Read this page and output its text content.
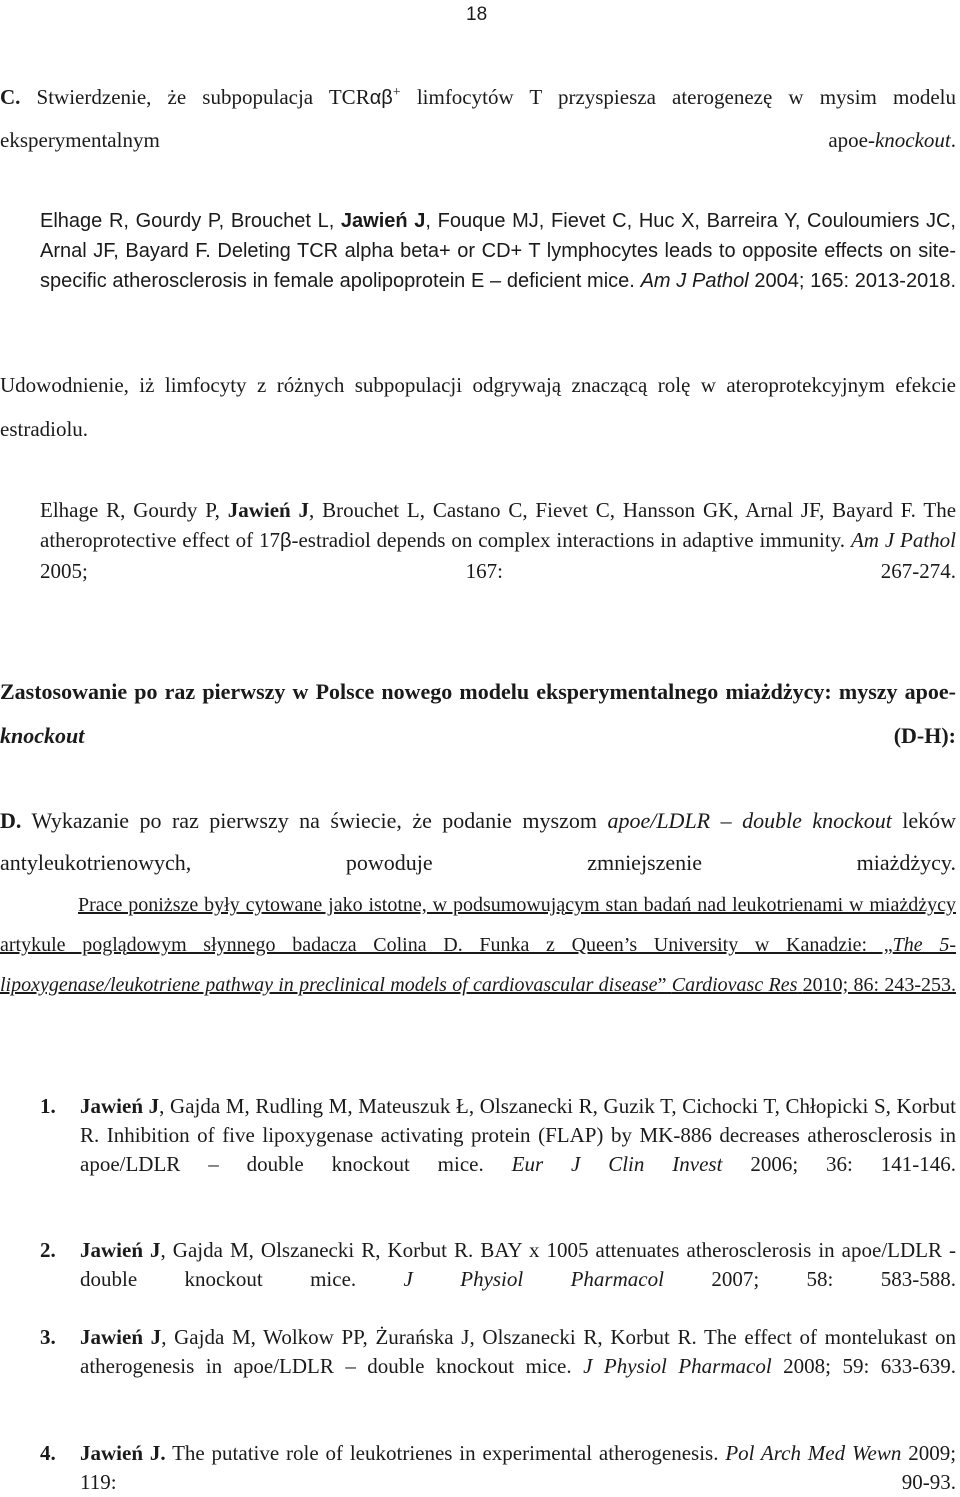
18

C. Stwierdzenie, że subpopulacja TCRαβ+ limfocytów T przyspiesza aterogenezę w mysim modelu eksperymentalnym apoe-knockout.

Elhage R, Gourdy P, Brouchet L, Jawień J, Fouque MJ, Fievet C, Huc X, Barreira Y, Couloumiers JC, Arnal JF, Bayard F. Deleting TCR alpha beta+ or CD+ T lymphocytes leads to opposite effects on site-specific atherosclerosis in female apolipoprotein E – deficient mice. Am J Pathol 2004; 165: 2013-2018.

Udowodnienie, iż limfocyty z różnych subpopulacji odgrywają znaczącą rolę w ateroprotekcyjnym efekcie estradiolu.

Elhage R, Gourdy P, Jawień J, Brouchet L, Castano C, Fievet C, Hansson GK, Arnal JF, Bayard F. The atheroprotective effect of 17β-estradiol depends on complex interactions in adaptive immunity. Am J Pathol 2005; 167: 267-274.

Zastosowanie po raz pierwszy w Polsce nowego modelu eksperymentalnego miażdżycy: myszy apoe-knockout	(D-H):

D. Wykazanie po raz pierwszy na świecie, że podanie myszom apoe/LDLR – double knockout leków antyleukotrienowych, powoduje zmniejszenie miażdżycy.

Prace poniższe były cytowane jako istotne, w podsumowującym stan badań nad leukotrienami w miażdżycy artykule poglądowym słynnego badacza Colina D. Funka z Queen’s University w Kanadzie: „The 5-lipoxygenase/leukotriene pathway in preclinical models of cardiovascular disease” Cardiovasc Res 2010; 86: 243-253.

1. Jawień J, Gajda M, Rudling M, Mateuszuk Ł, Olszanecki R, Guzik T, Cichocki T, Chłopicki S, Korbut R. Inhibition of five lipoxygenase activating protein (FLAP) by MK-886 decreases atherosclerosis in apoe/LDLR – double knockout mice. Eur J Clin Invest 2006; 36: 141-146.
2. Jawień J, Gajda M, Olszanecki R, Korbut R. BAY x 1005 attenuates atherosclerosis in apoe/LDLR - double knockout mice. J Physiol Pharmacol 2007; 58: 583-588.
3. Jawień J, Gajda M, Wolkow PP, Żurańska J, Olszanecki R, Korbut R. The effect of montelukast on atherogenesis in apoe/LDLR – double knockout mice. J Physiol Pharmacol 2008; 59: 633-639.
4. Jawień J. The putative role of leukotrienes in experimental atherogenesis. Pol Arch Med Wewn 2009; 119: 90-93.
